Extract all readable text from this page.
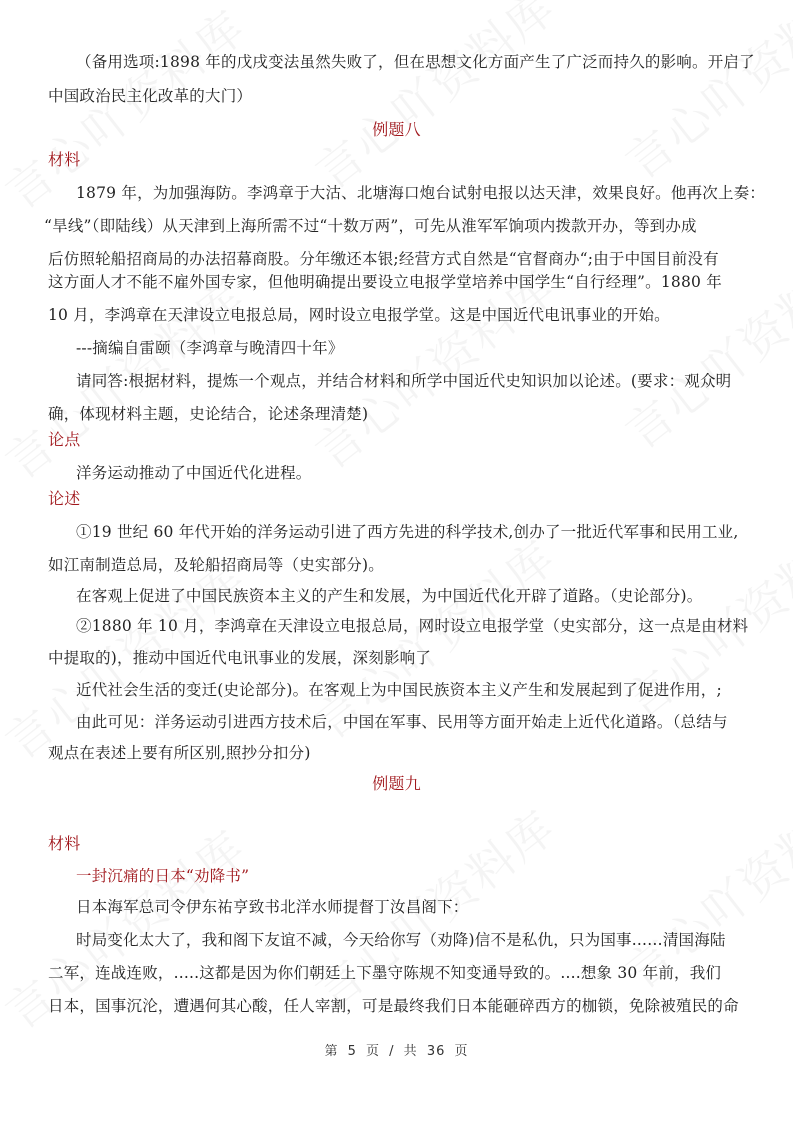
（备用选项:1898 年的戊戌变法虽然失败了，但在思想文化方面产生了广泛而持久的影响。开启了
中国政治民主化改革的大门）
例题八
材料
1879 年，为加强海防。李鸿章于大沽、北塘海口炮台试射电报以达天津，效果良好。他再次上奏：
“旱线”（即陆线）从天津到上海所需不过“十数万两”，可先从淮军军饷项内拨款开办，等到办成
后仿照轮船招商局的办法招幕商股。分年缴还本银;经营方式自然是“官督商办“;由于中国目前没有
这方面人才不能不雇外国专家，但他明确提出要设立电报学堂培养中国学生“自行经理”。1880 年
10 月，李鸿章在天津设立电报总局，网时设立电报学堂。这是中国近代电讯事业的开始。
---摘编自雷颐（李鸿章与晚清四十年》
请同答:根据材料，提炼一个观点，并结合材料和所学中国近代史知识加以论述。(要求：观众明
确，体现材料主题，史论结合，论述条理清楚)
论点
洋务运动推动了中国近代化进程。
论述
①19 世纪 60 年代开始的洋务运动引进了西方先进的科学技术,创办了一批近代军事和民用工业,
如江南制造总局，及轮船招商局等（史实部分)。
在客观上促进了中国民族资本主义的产生和发展，为中国近代化开辟了道路。（史论部分)。
②1880 年 10 月，李鸿章在天津设立电报总局，网时设立电报学堂（史实部分，这一点是由材料
中提取的)，推动中国近代电讯事业的发展，深刻影响了
近代社会生活的变迁(史论部分)。在客观上为中国民族资本主义产生和发展起到了促进作用，;
由此可见：洋务运动引进西方技术后，中国在军事、民用等方面开始走上近代化道路。（总结与
观点在表述上要有所区别,照抄分扣分)
例题九
材料
一封沉痛的日本“劝降书”
日本海军总司令伊东祐亨致书北洋水师提督丁汝昌阁下：
时局变化太大了，我和阁下友谊不减，今天给你写（劝降)信不是私仇，只为国事...…清国海陆
二军，连战连败，.....这都是因为你们朝廷上下墨守陈规不知变通导致的。....想象 30 年前，我们
日本，国事沉沦，遭遇何其心酸，任人宰割，可是最终我们日本能砸碎西方的枷锁，免除被殖民的命
第 5 页 / 共 36 页
